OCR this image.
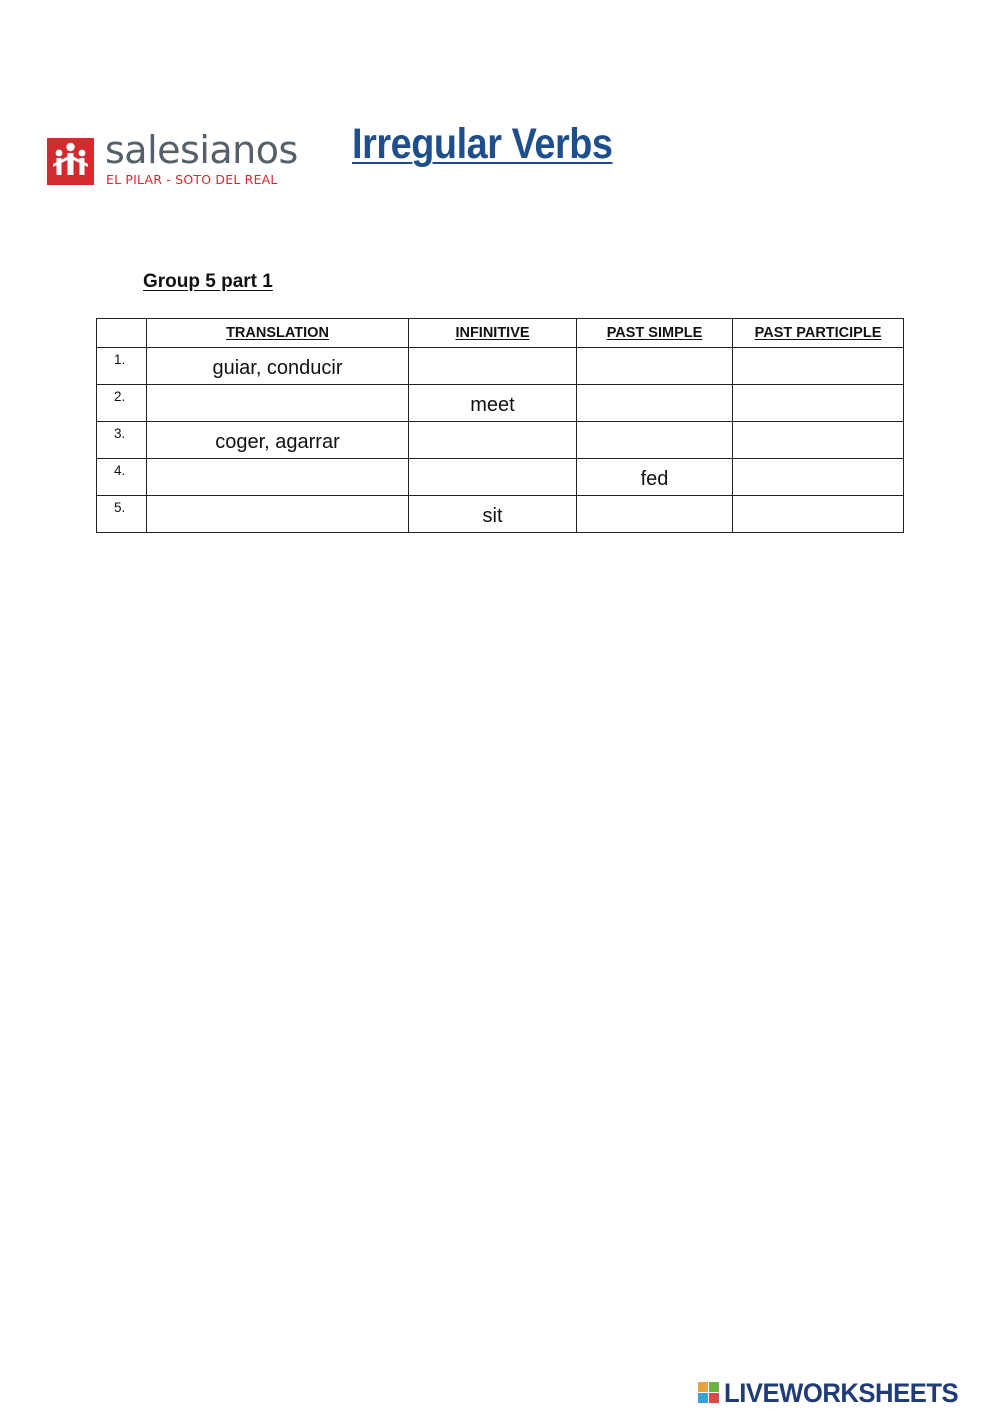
salesianos
EL PILAR - SOTO DEL REAL
Irregular Verbs
Group 5 part 1
	TRANSLATION	INFINITIVE	PAST SIMPLE	PAST PARTICIPLE

1.	guiar, conducir			

2.		meet		

3.	coger, agarrar			

4.			fed	

5.		sit		
LIVEWORKSHEETS
